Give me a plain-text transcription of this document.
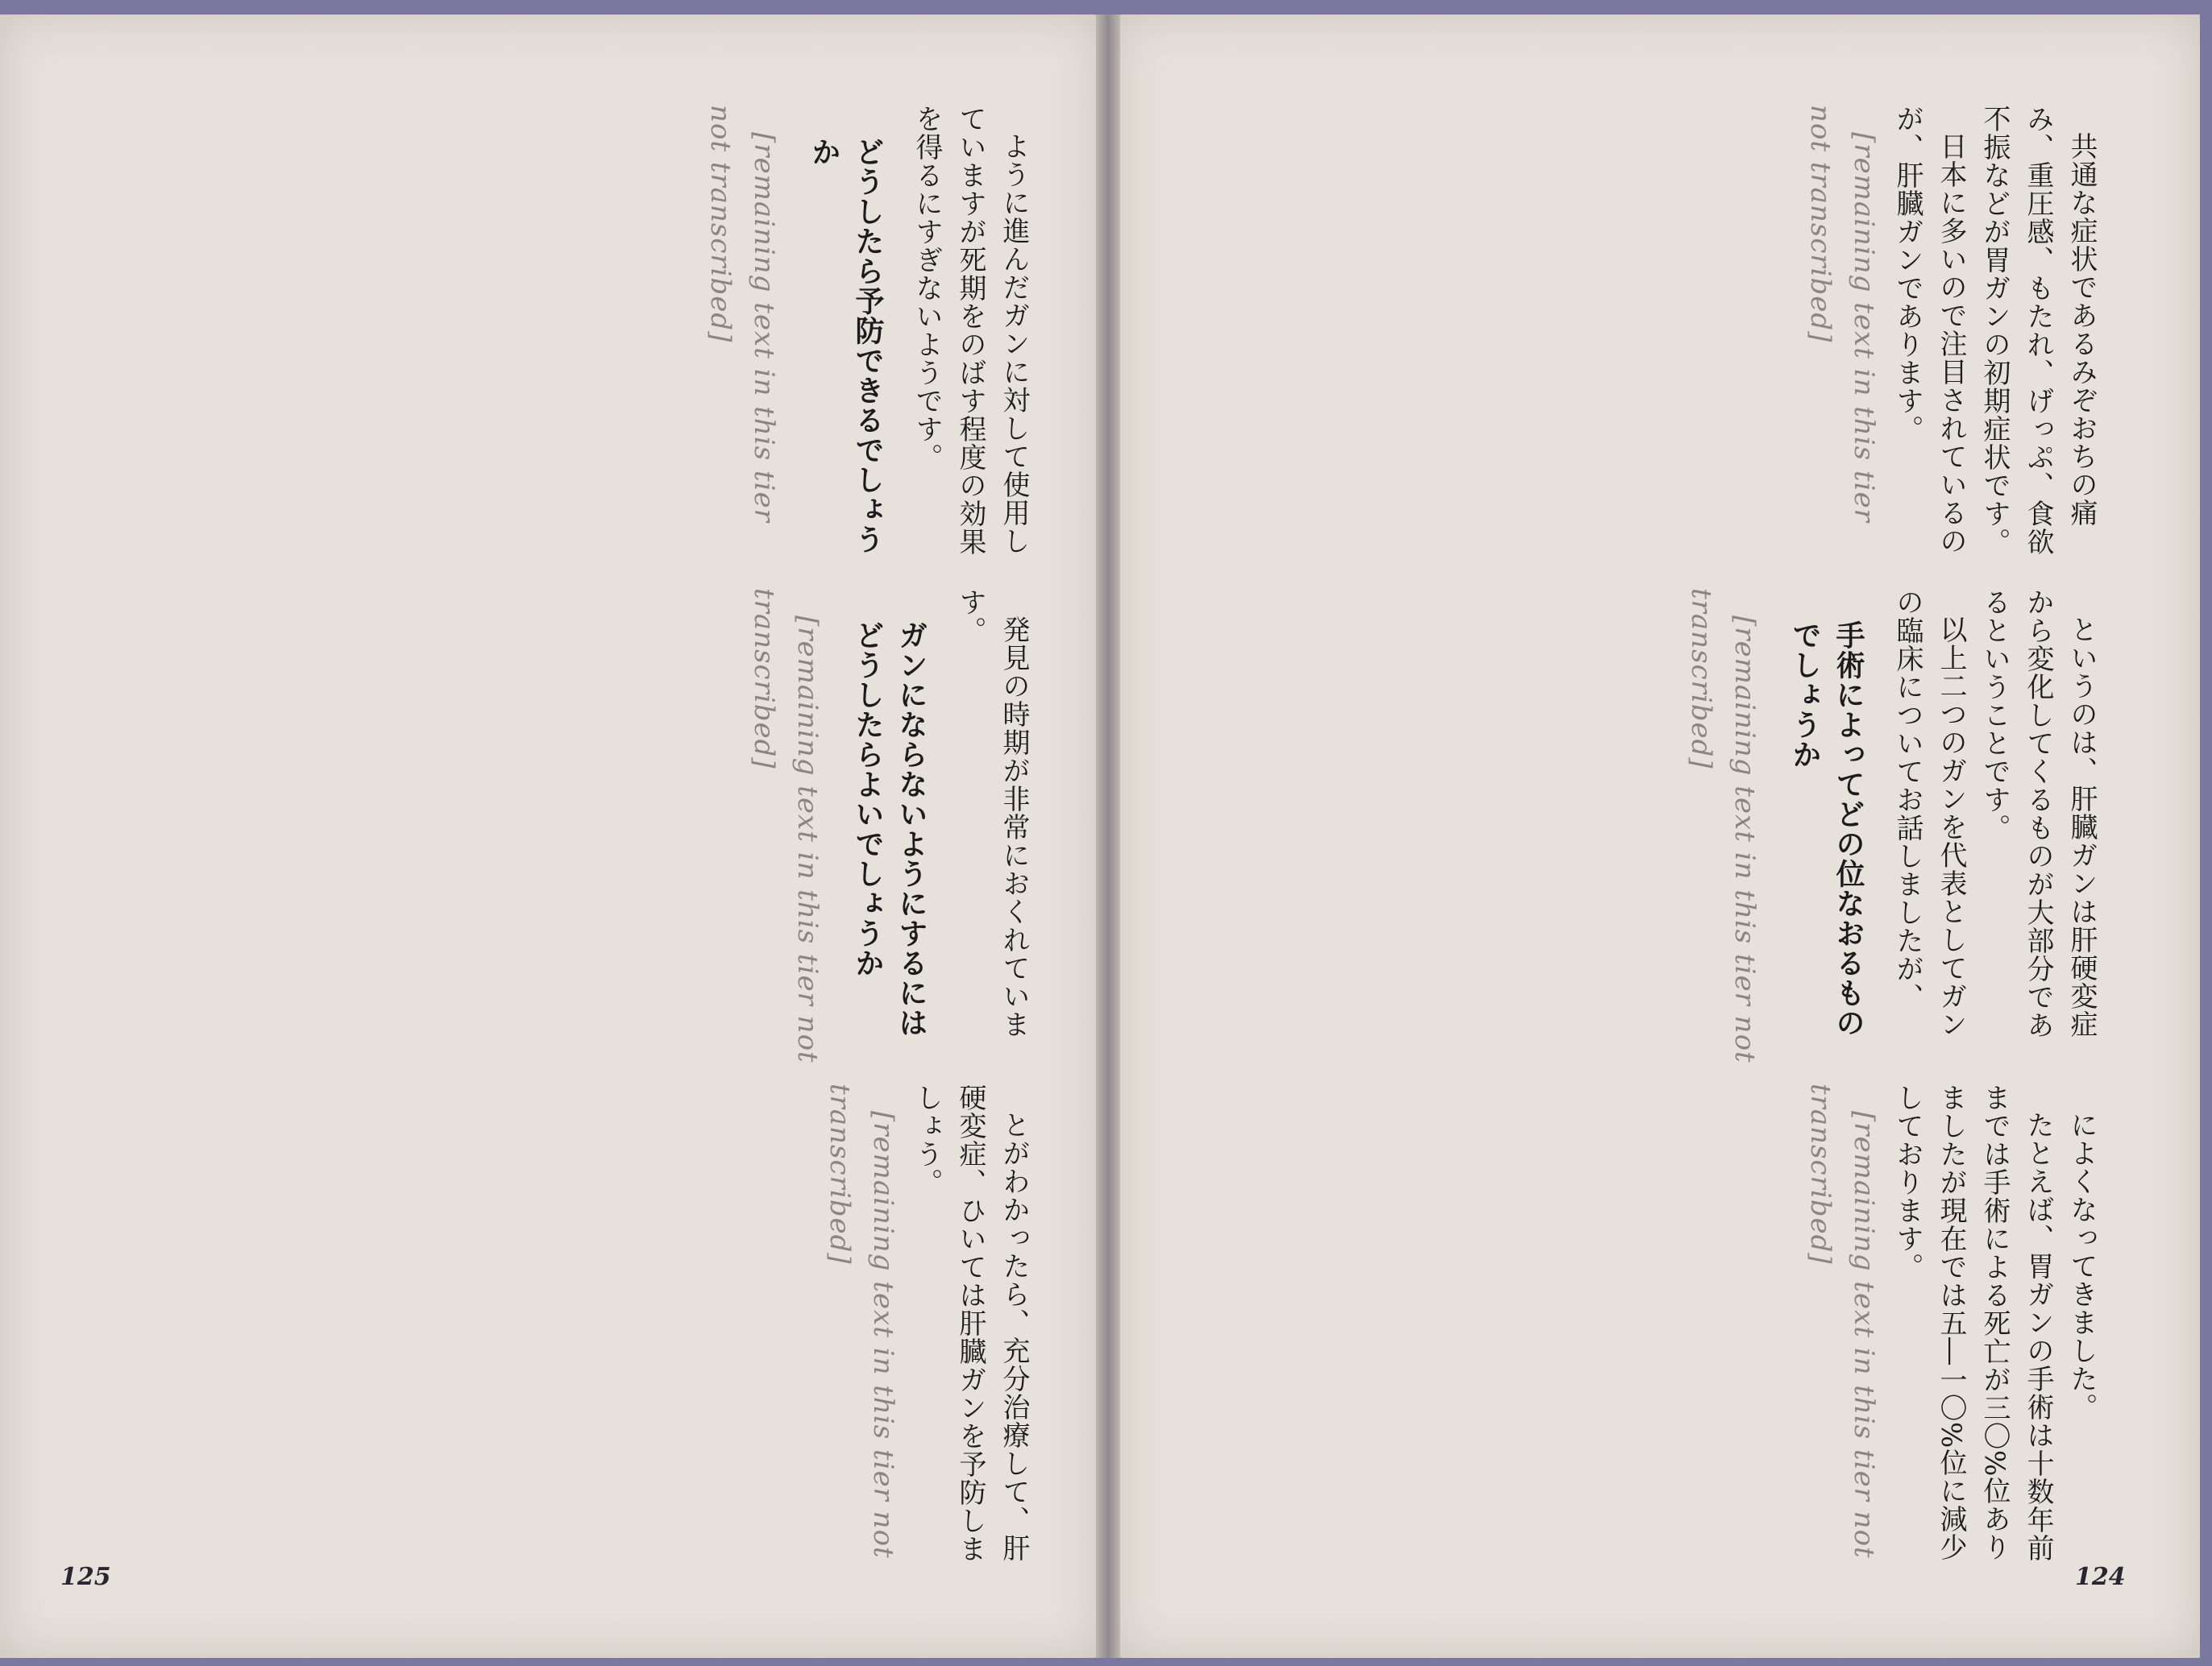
共通な症状であるみぞおちの痛み、重圧感、もたれ、げっぷ、食欲不振などが胃ガンの初期症状です。

日本に多いので注目されているのが、肝臓ガンであります。

[remaining text in this tier not transcribed]

というのは、肝臓ガンは肝硬変症から変化してくるものが大部分であるということです。

以上二つのガンを代表としてガンの臨床についてお話しましたが、

手術によってどの位なおるものでしょうか

[remaining text in this tier not transcribed]

によくなってきました。

たとえば、胃ガンの手術は十数年前までは手術による死亡が三〇%位ありましたが現在では五―一〇%位に減少しております。

[remaining text in this tier not transcribed]

124

ように進んだガンに対して使用していますが死期をのばす程度の効果を得るにすぎないようです。

どうしたら予防できるでしょうか

[remaining text in this tier not transcribed]

発見の時期が非常におくれています。

ガンにならないようにするにはどうしたらよいでしょうか

[remaining text in this tier not transcribed]

とがわかったら、充分治療して、肝硬変症、ひいては肝臓ガンを予防しましょう。

[remaining text in this tier not transcribed]

125
